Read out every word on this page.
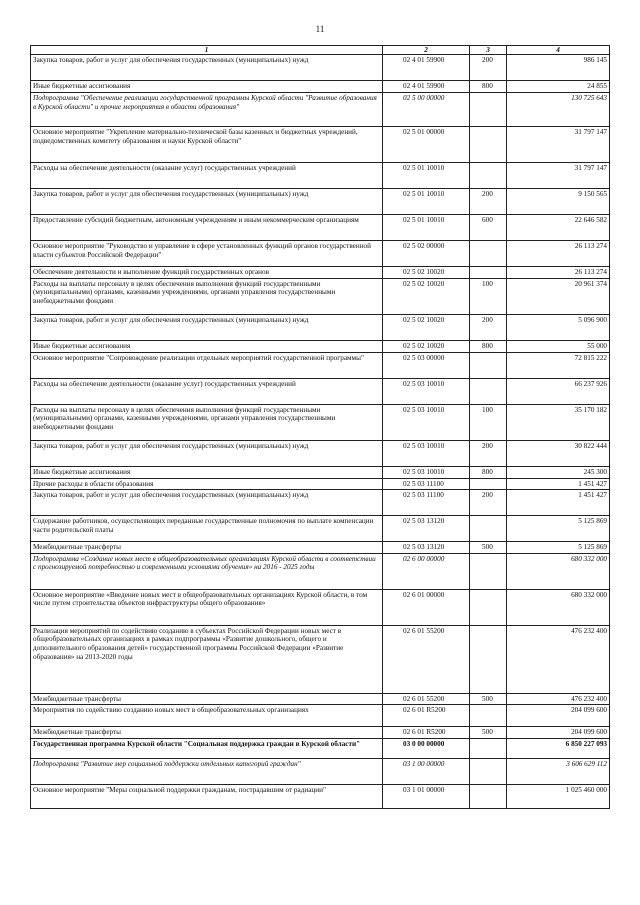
11
1	2	3	4
Закупка товаров, работ и услуг для обеспечения государственных (муниципальных) нужд	02 4 01 59900	200	986 145
Иные бюджетные ассигнования	02 4 01 59900	800	24 855
Подпрограмма "Обеспечение реализации государственной программы Курской области "Развитие образования в Курской области" и прочие мероприятия в области образования"	02 5 00 00000		130 725 643
Основное мероприятие "Укрепление материально-технической базы казенных и бюджетных учреждений, подведомственных комитету образования и науки Курской области"	02 5 01 00000		31 797 147
Расходы на обеспечение деятельности (оказание услуг) государственных учреждений	02 5 01 10010		31 797 147
Закупка товаров, работ и услуг для обеспечения государственных (муниципальных) нужд	02 5 01 10010	200	9 150 565
Предоставление субсидий бюджетным, автономным учреждениям и иным некоммерческим организациям	02 5 01 10010	600	22 646 582
Основное мероприятие "Руководство и управление в сфере установленных функций органов государственной власти субъектов Российской Федерации"	02 5 02 00000		26 113 274
Обеспечение деятельности и выполнение функций государственных органов	02 5 02 10020		26 113 274
Расходы на выплаты персоналу в целях обеспечения выполнения функций государственными (муниципальными) органами, казенными учреждениями, органами управления государственными внебюджетными фондами	02 5 02 10020	100	20 961 374
Закупка товаров, работ и услуг для обеспечения государственных (муниципальных) нужд	02 5 02 10020	200	5 096 900
Иные бюджетные ассигнования	02 5 02 10020	800	55 000
Основное мероприятие "Сопровождение реализации отдельных мероприятий государственной программы"	02 5 03 00000		72 815 222
Расходы на обеспечение деятельности (оказание услуг) государственных учреждений	02 5 03 10010		66 237 926
Расходы на выплаты персоналу в целях обеспечения выполнения функций государственными (муниципальными) органами, казенными учреждениями, органами управления государственными внебюджетными фондами	02 5 03 10010	100	35 170 182
Закупка товаров, работ и услуг для обеспечения государственных (муниципальных) нужд	02 5 03 10010	200	30 822 444
Иные бюджетные ассигнования	02 5 03 10010	800	245 300
Прочие расходы в области образования	02 5 03 11100		1 451 427
Закупка товаров, работ и услуг для обеспечения государственных (муниципальных) нужд	02 5 03 11100	200	1 451 427
Содержание работников, осуществляющих переданные государственные полномочия по выплате компенсации части родительской платы	02 5 03 13120		5 125 869
Межбюджетные трансферты	02 5 03 13120	500	5 125 869
Подпрограмма «Создание новых мест в общеобразовательных организациях Курской области в соответствии с прогнозируемой потребностью и современными условиями обучения» на 2016 - 2025 годы	02 6 00 00000		680 332 000
Основное мероприятие «Введение новых мест в общеобразовательных организациях Курской области, в том числе путем строительства объектов инфраструктуры общего образования»	02 6 01 00000		680 332 000
Реализация мероприятий по содействию созданию в субъектах Российской Федерации новых мест в общеобразовательных организациях в рамках подпрограммы «Развитие дошкольного, общего и дополнительного образования детей» государственной программы Российской Федерации «Развитие образования» на 2013-2020 годы	02 6 01 55200		476 232 400
Межбюджетные трансферты	02 6 01 55200	500	476 232 400
Мероприятия по содействию созданию новых мест в общеобразовательных организациях	02 6 01 R5200		204 099 600
Межбюджетные трансферты	02 6 01 R5200	500	204 099 600
Государственная программа Курской области "Социальная поддержка граждан в Курской области"	03 0 00 00000		6 850 227 093
Подпрограмма "Развитие мер социальной поддержки отдельных категорий граждан"	03 1 00 00000		3 606 629 112
Основное мероприятие "Меры социальной поддержки гражданам, пострадавшим от радиации"	03 1 01 00000		1 025 460 000
